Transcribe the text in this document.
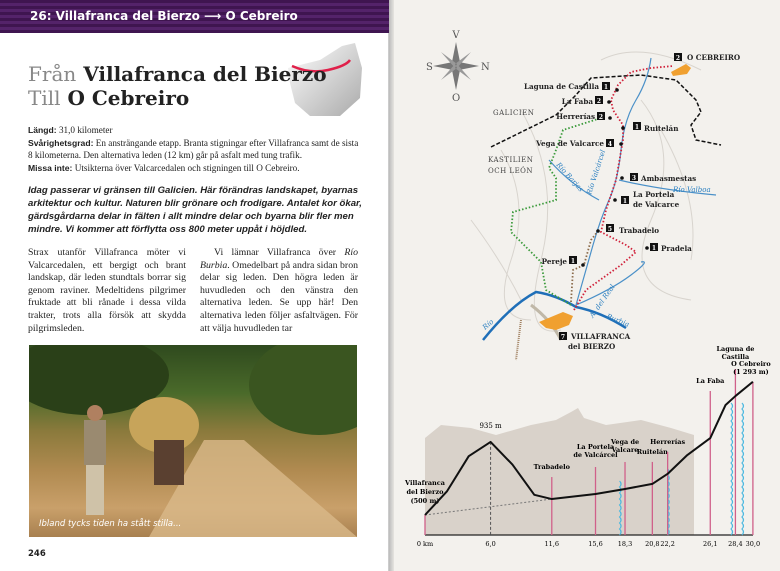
26: Villafranca del Bierzo ⟶ O Cebreiro
Från Villafranca del Bierzo
Till O Cebreiro
Längd: 31,0 kilometer
Svårighetsgrad: En ansträngande etapp. Branta stigningar efter Villafranca samt de sista 8 kilometerna. Den alternativa leden (12 km) går på asfalt med tung trafik.
Missa inte: Utsikterna över Valcarcedalen och stigningen till O Cebreiro.
Idag passerar vi gränsen till Galicien. Här förändras landskapet, byarnas arkitektur och kultur. Naturen blir grönare och frodigare. Antalet kor ökar, gärdsgårdarna delar in fälten i allt mindre delar och byarna blir fler men mindre. Vi kommer att förflytta oss 800 meter uppåt i höjdled.
Strax utanför Villafranca möter vi Valcarcedalen, ett bergigt och brant landskap, där leden stundtals borrar sig genom raviner. Medeltidens pilgrimer fruktade att bli rånade i dessa vilda trakter, trots alla försök att skydda pilgrimsleden.
Vi lämnar Villafranca över Río Burbia. Omedelbart på andra sidan bron delar sig leden. Den högra leden är huvudleden och den vänstra den alternativa leden. Se upp här! Den alternativa leden följer asfaltvägen. För att välja huvudleden tar
Ibland tycks tiden ha stått stilla...
246
V
S	N
O
GALICIEN
KASTILIEN
OCH LEÓN	Río Barjas Río Valcárcel	Río Valboa
A. del Real
Río	Burbia
2 O CEBREIRO
1
Laguna de Castilla
2
La Faba
2
Herrerías
1 Ruitelán
4
Vega de Valcarce
3 Ambasmestas
1
La Portela
de Valcarce
5 Trabadelo
1 Pradela
1
Pereje
7 VILLAFRANCA
del BIERZO
935 m
0 km	6,0
Trabadelo
11,6
La Portela
de Valcárcel
15,6
Vega de
Valcare
18,3
Ruitelán
20,8
Herrerías
22,2
La Faba
26,1
Laguna de
Castilla
28,4 30,0
Villafranca
del Bierzo
(500 m)
O Cebreiro
(1 293 m)
